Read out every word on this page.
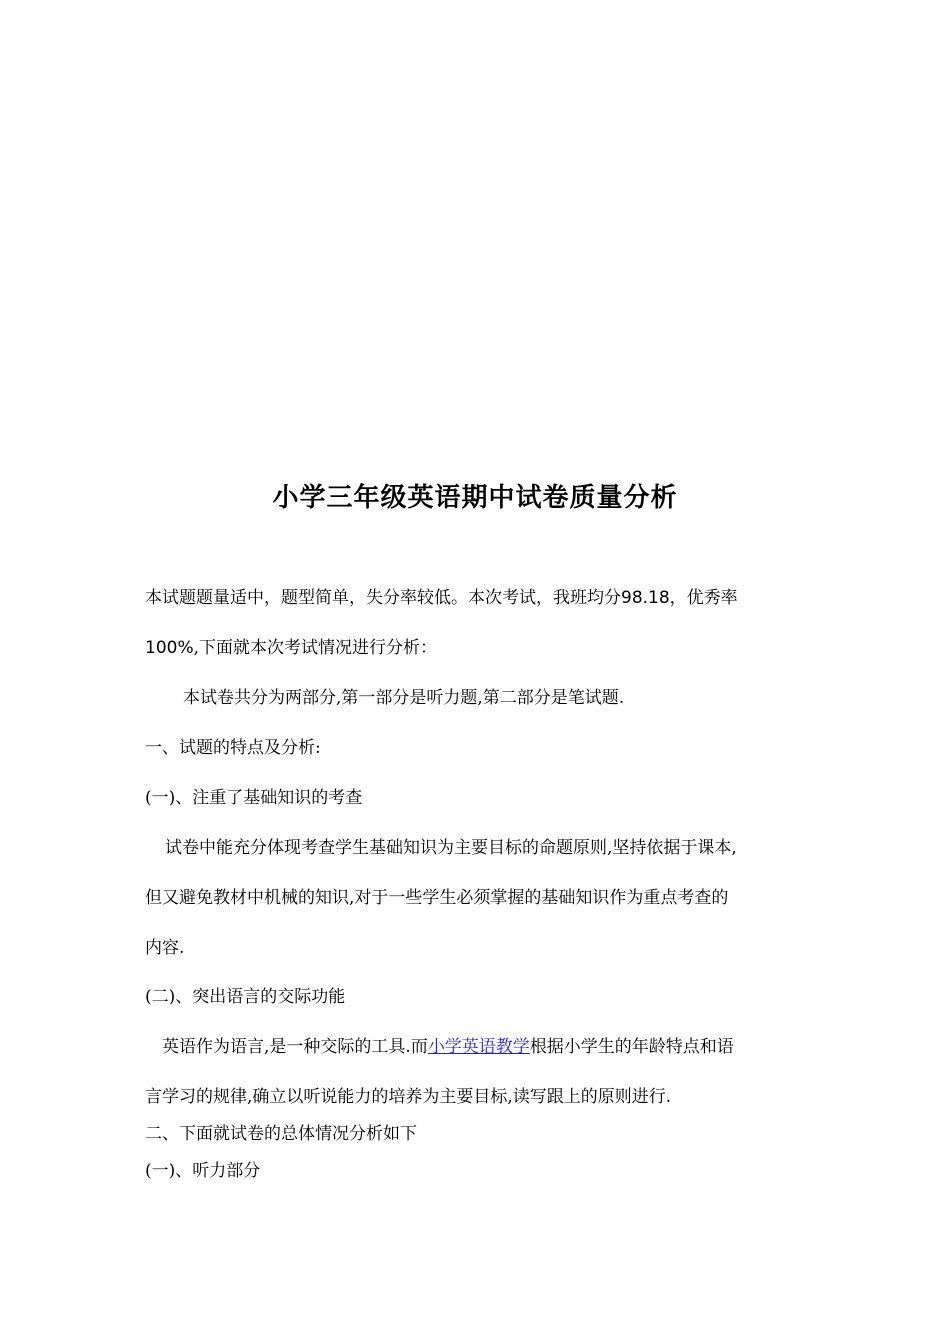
小学三年级英语期中试卷质量分析
本试题题量适中，题型简单，失分率较低。本次考试，我班均分98.18，优秀率
100%,下面就本次考试情况进行分析：
本试卷共分为两部分,第一部分是听力题,第二部分是笔试题.
一、试题的特点及分析:
(一)、注重了基础知识的考查
试卷中能充分体现考查学生基础知识为主要目标的命题原则,坚持依据于课本,
但又避免教材中机械的知识,对于一些学生必须掌握的基础知识作为重点考查的
内容.
(二)、突出语言的交际功能
英语作为语言,是一种交际的工具.而小学英语教学根据小学生的年龄特点和语
言学习的规律,确立以听说能力的培养为主要目标,读写跟上的原则进行.
二、下面就试卷的总体情况分析如下
(一)、听力部分
